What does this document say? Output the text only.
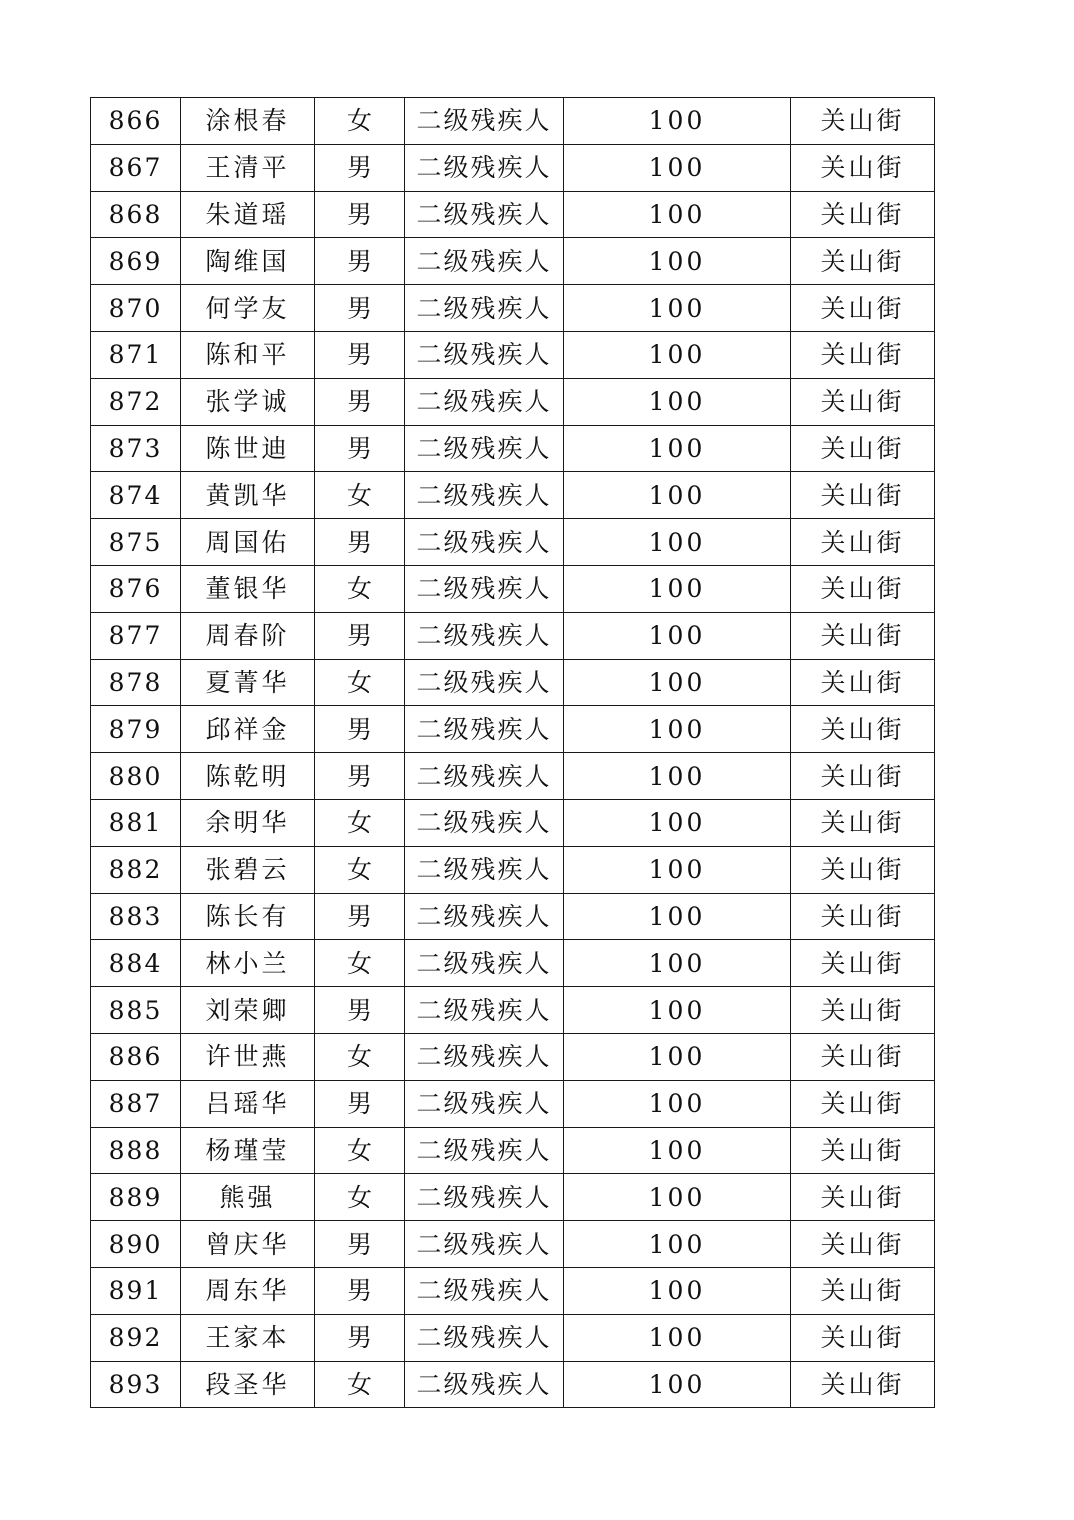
866	涂根春	女	二级残疾人	100	关山街
867	王清平	男	二级残疾人	100	关山街
868	朱道瑶	男	二级残疾人	100	关山街
869	陶维国	男	二级残疾人	100	关山街
870	何学友	男	二级残疾人	100	关山街
871	陈和平	男	二级残疾人	100	关山街
872	张学诚	男	二级残疾人	100	关山街
873	陈世迪	男	二级残疾人	100	关山街
874	黄凯华	女	二级残疾人	100	关山街
875	周国佑	男	二级残疾人	100	关山街
876	董银华	女	二级残疾人	100	关山街
877	周春阶	男	二级残疾人	100	关山街
878	夏菁华	女	二级残疾人	100	关山街
879	邱祥金	男	二级残疾人	100	关山街
880	陈乾明	男	二级残疾人	100	关山街
881	余明华	女	二级残疾人	100	关山街
882	张碧云	女	二级残疾人	100	关山街
883	陈长有	男	二级残疾人	100	关山街
884	林小兰	女	二级残疾人	100	关山街
885	刘荣卿	男	二级残疾人	100	关山街
886	许世燕	女	二级残疾人	100	关山街
887	吕瑶华	男	二级残疾人	100	关山街
888	杨瑾莹	女	二级残疾人	100	关山街
889	熊强	女	二级残疾人	100	关山街
890	曾庆华	男	二级残疾人	100	关山街
891	周东华	男	二级残疾人	100	关山街
892	王家本	男	二级残疾人	100	关山街
893	段圣华	女	二级残疾人	100	关山街
